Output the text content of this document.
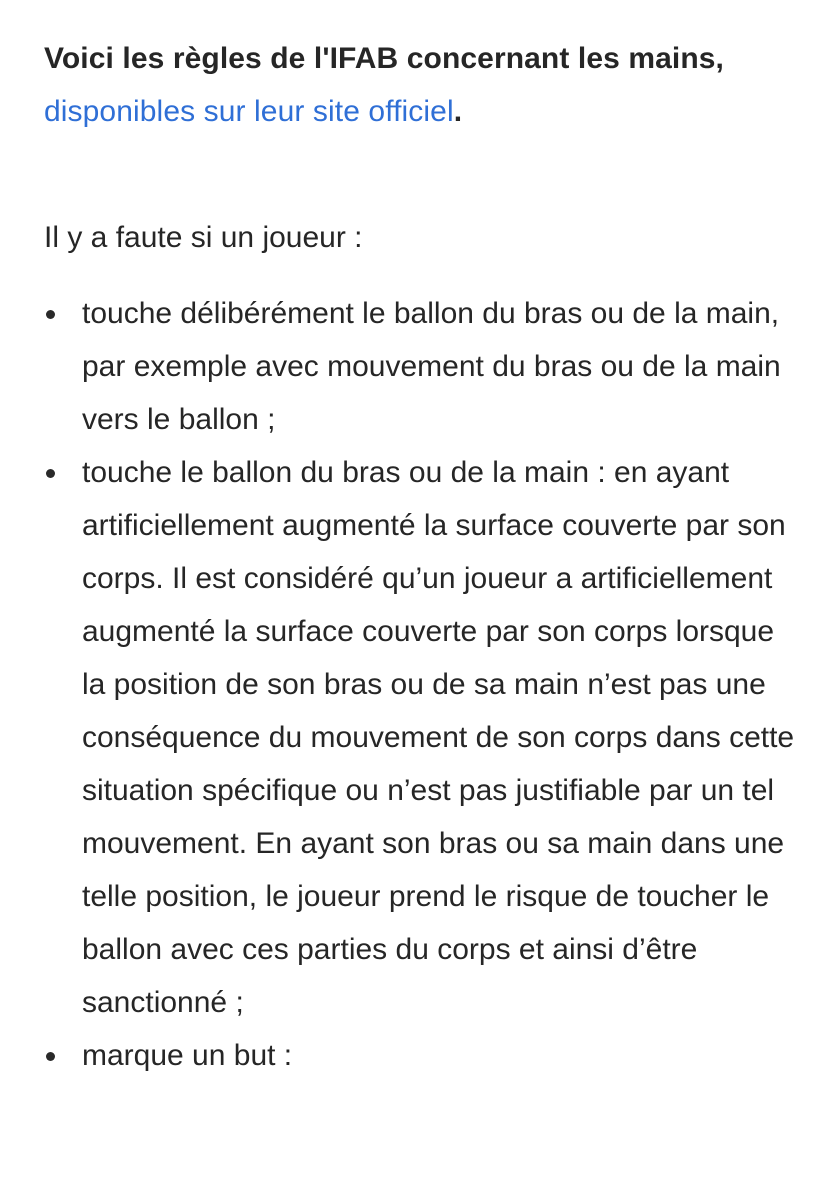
Voici les règles de l'IFAB concernant les mains, disponibles sur leur site officiel.

Il y a faute si un joueur :

touche délibérément le ballon du bras ou de la main, par exemple avec mouvement du bras ou de la main vers le ballon ;
touche le ballon du bras ou de la main : en ayant artificiellement augmenté la surface couverte par son corps. Il est considéré qu’un joueur a artificiellement augmenté la surface couverte par son corps lorsque la position de son bras ou de sa main n’est pas une conséquence du mouvement de son corps dans cette situation spécifique ou n’est pas justifiable par un tel mouvement. En ayant son bras ou sa main dans une telle position, le joueur prend le risque de toucher le ballon avec ces parties du corps et ainsi d’être sanctionné ;
marque un but :
